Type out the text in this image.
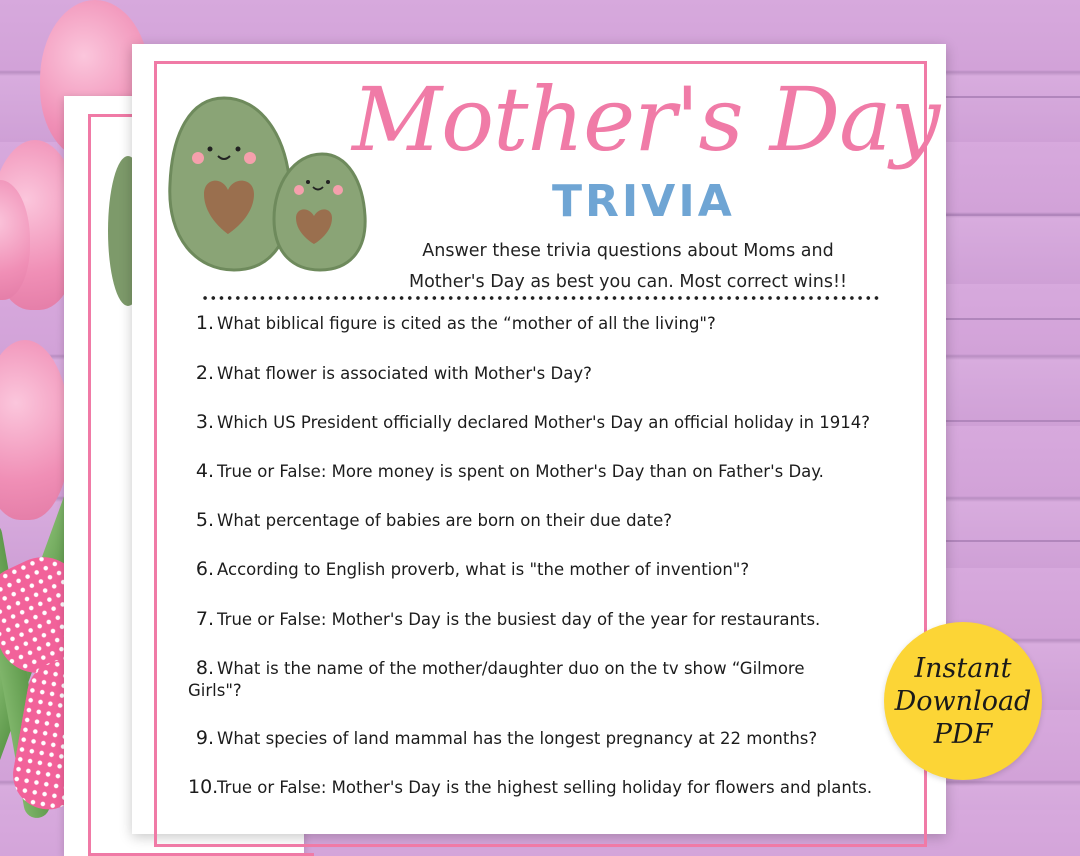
Mother's Day
TRIVIA
Answer these trivia questions about Moms and Mother's Day as best you can. Most correct wins!!
1. What biblical figure is cited as the “mother of all the living"?
2. What flower is associated with Mother's Day?
3. Which US President officially declared Mother's Day an official holiday in 1914?
4. True or False: More money is spent on Mother's Day than on Father's Day.
5. What percentage of babies are born on their due date?
6. According to English proverb, what is "the mother of invention"?
7. True or False: Mother's Day is the busiest day of the year for restaurants.
8. What is the name of the mother/daughter duo on the tv show “Gilmore Girls"?
9. What species of land mammal has the longest pregnancy at 22 months?
10.True or False: Mother's Day is the highest selling holiday for flowers and plants.
Instant
Download
PDF
